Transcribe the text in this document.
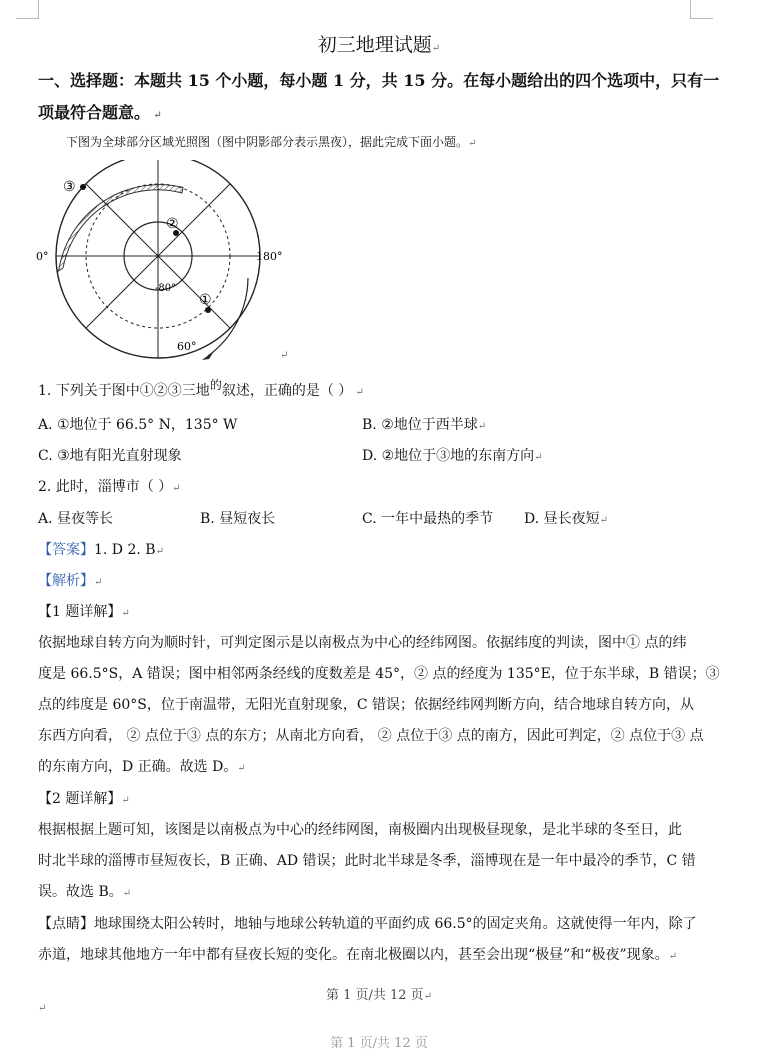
初三地理试题↵
一、选择题：本题共 15 个小题，每小题 1 分，共 15 分。在每小题给出的四个选项中，只有一
项最符合题意。 ↵
下图为全球部分区域光照图（图中阴影部分表示黑夜），据此完成下面小题。↵
③
②
①
0°	180°
-80°
60°
↵
1. 下列关于图中①②③三地的叙述，正确的是（ ） ↵
A. ①地位于 66.5° N，135° W	B. ②地位于西半球↵
C. ③地有阳光直射现象	D. ②地位于③地的东南方向↵
2. 此时，淄博市（ ）↵
A. 昼夜等长	B. 昼短夜长	C. 一年中最热的季节 D. 昼长夜短↵
【答案】1. D 2. B↵
【解析】↵
【1 题详解】↵
依据地球自转方向为顺时针，可判定图示是以南极点为中心的经纬网图。依据纬度的判读，图中① 点的纬
度是 66.5°S，A 错误；图中相邻两条经线的度数差是 45°，② 点的经度为 135°E，位于东半球，B 错误；③
点的纬度是 60°S，位于南温带，无阳光直射现象，C 错误；依据经纬网判断方向，结合地球自转方向，从
东西方向看， ② 点位于③ 点的东方；从南北方向看， ② 点位于③ 点的南方，因此可判定，② 点位于③ 点
的东南方向，D 正确。故选 D。↵
【2 题详解】↵
根据根据上题可知，该图是以南极点为中心的经纬网图，南极圈内出现极昼现象，是北半球的冬至日，此
时北半球的淄博市昼短夜长，B 正确、AD 错误；此时北半球是冬季，淄博现在是一年中最冷的季节，C 错
误。故选 B。↵
【点睛】地球围绕太阳公转时，地轴与地球公转轨道的平面约成 66.5°的固定夹角。这就使得一年内，除了
赤道，地球其他地方一年中都有昼夜长短的变化。在南北极圈以内，甚至会出现“极昼”和“极夜”现象。↵
第 1 页/共 12 页↵
↵
第 1 页/共 12 页
